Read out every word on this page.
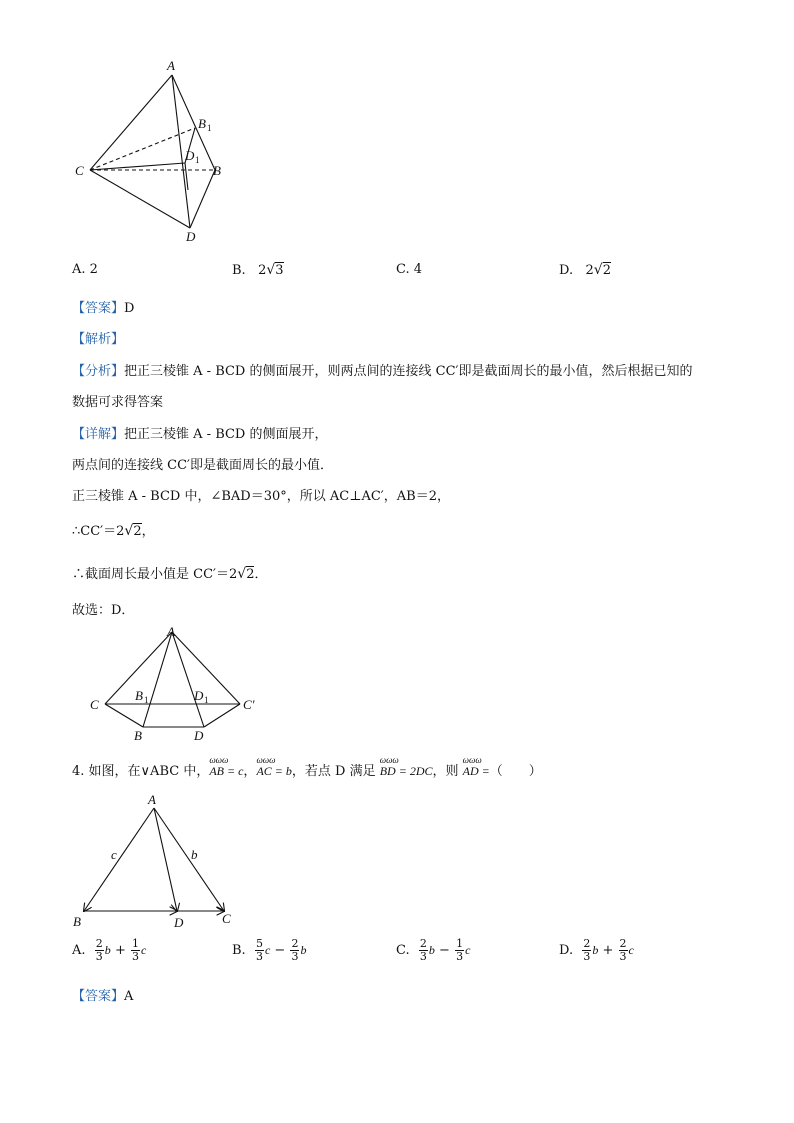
A
B 1
D 1
C	B
D
A. 2	B. 2√3	C. 4	D. 2√2
【答案】D
【解析】
【分析】把正三棱锥 A - BCD 的侧面展开，则两点间的连接线 CC′即是截面周长的最小值，然后根据已知的
数据可求得答案
【详解】把正三棱锥 A - BCD 的侧面展开，
两点间的连接线 CC′即是截面周长的最小值．
正三棱锥 A - BCD 中，∠BAD＝30°，所以 AC⊥AC′，AB＝2，
∴CC′＝2√2，
∴截面周长最小值是 CC′＝2√2．
故选：D．
A
C
B 1	D 1	C′
B	D
4. 如图，在∨ABC 中，
ωωω
AB = c，
ωωω
AC = b，若点 D 满足
ωωω
BD = 2DC，则
ωωω
AD =（　　）
A
c	b
B	D	C
A. $\frac{2}{3}$ $b + \frac{1}{3}$ c	B. $\frac{5}{3}$ $c - \frac{2}{3}$ b	C. $\frac{2}{3}$ $b - \frac{1}{3}$ c	D. $\frac{2}{3}$ $b + \frac{2}{3}$ c
【答案】A
